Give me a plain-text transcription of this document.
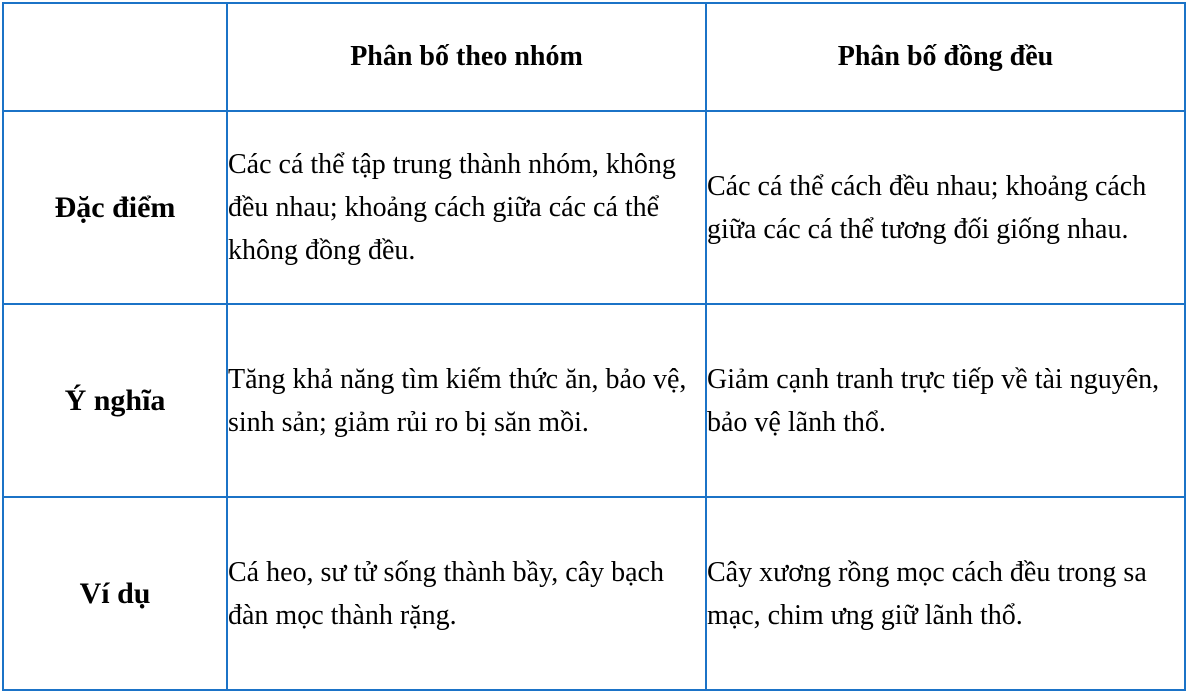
	Phân bố theo nhóm	Phân bố đồng đều
Đặc điểm	Các cá thể tập trung thành nhóm, không đều nhau; khoảng cách giữa các cá thể không đồng đều.	Các cá thể cách đều nhau; khoảng cách giữa các cá thể tương đối giống nhau.
Ý nghĩa	Tăng khả năng tìm kiếm thức ăn, bảo vệ, sinh sản; giảm rủi ro bị săn mồi.	Giảm cạnh tranh trực tiếp về tài nguyên, bảo vệ lãnh thổ.
Ví dụ	Cá heo, sư tử sống thành bầy, cây bạch đàn mọc thành rặng.	Cây xương rồng mọc cách đều trong sa mạc, chim ưng giữ lãnh thổ.
